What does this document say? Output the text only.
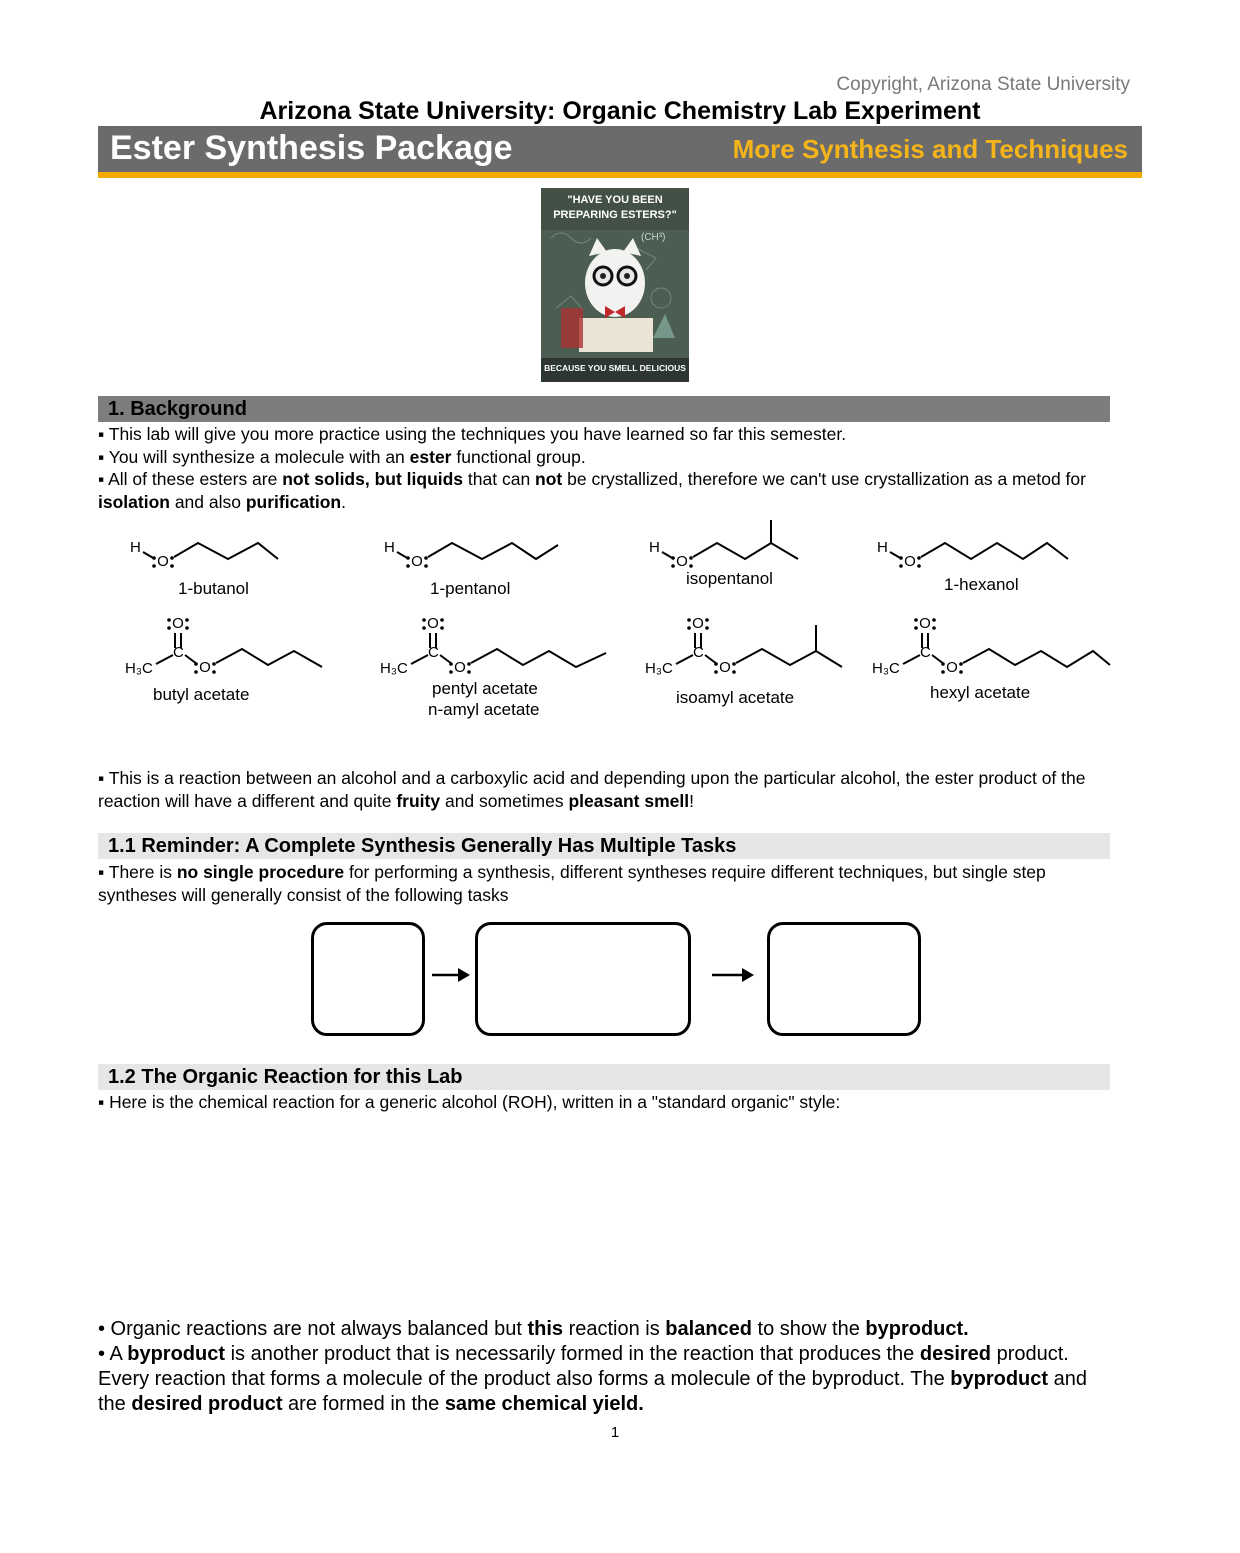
Copyright, Arizona State University
Arizona State University: Organic Chemistry Lab Experiment
Ester Synthesis Package	More Synthesis and Techniques
(CH³)
"HAVE YOU BEEN
PREPARING ESTERS?"
BECAUSE YOU SMELL DELICIOUS
1. Background
▪ This lab will give you more practice using the techniques you have learned so far this semester.
▪ You will synthesize a molecule with an ester functional group.
▪ All of these esters are not solids, but liquids that can not be crystallized, therefore we can't use crystallization as a metod for isolation and also purification.
O
H
1-butanol
H
1-pentanol
H
isopentanol
H
1-hexanol
C
H₃C
butyl acetate
C
H₃C
pentyl acetate
n-amyl acetate
C
H₃C
isoamyl acetate
C
H₃C
hexyl acetate
▪ This is a reaction between an alcohol and a carboxylic acid and depending upon the particular alcohol, the ester product of the reaction will have a different and quite fruity and sometimes pleasant smell!
1.1 Reminder: A Complete Synthesis Generally Has Multiple Tasks
▪ There is no single procedure for performing a synthesis, different syntheses require different techniques, but single step syntheses will generally consist of the following tasks
1.2 The Organic Reaction for this Lab
▪ Here is the chemical reaction for a generic alcohol (ROH), written in a "standard organic" style:
• Organic reactions are not always balanced but this reaction is balanced to show the byproduct.
• A byproduct is another product that is necessarily formed in the reaction that produces the desired product. Every reaction that forms a molecule of the product also forms a molecule of the byproduct. The byproduct and the desired product are formed in the same chemical yield.
1
